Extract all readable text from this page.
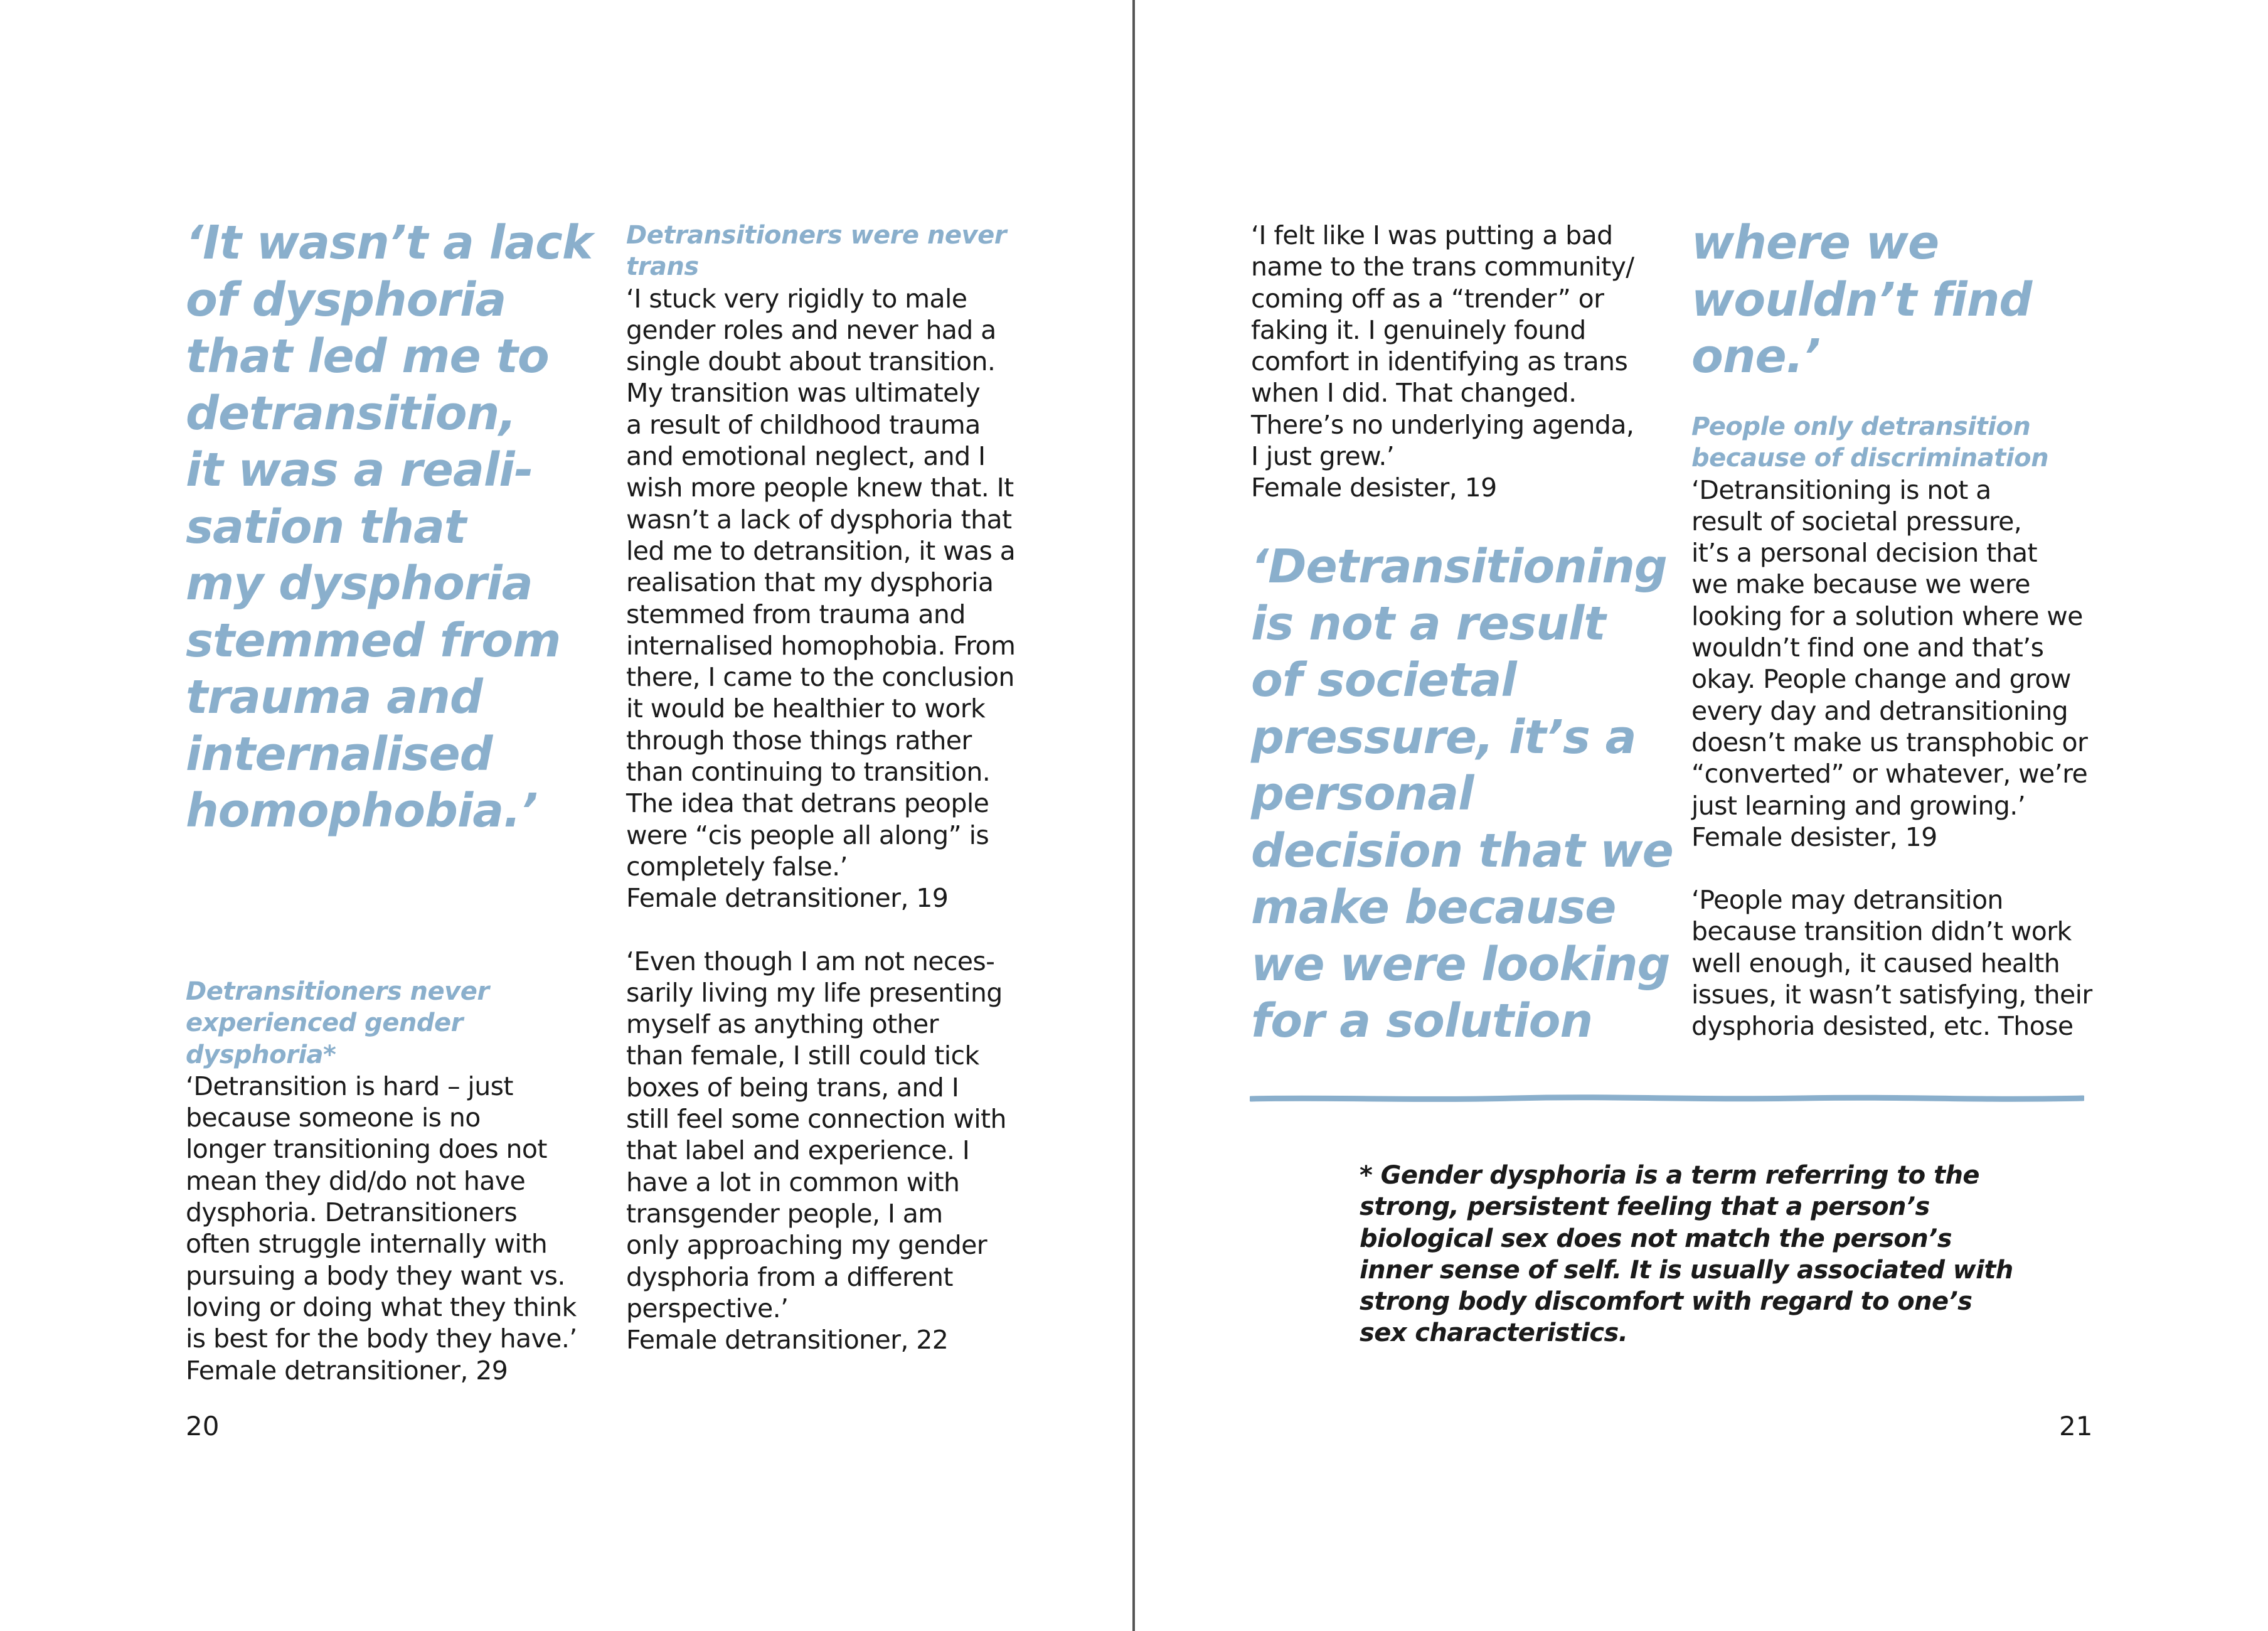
‘It wasn’t a lack
of dysphoria
that led me to
detransition,
it was a reali-
sation that
my dysphoria
stemmed from
trauma and
internalised
homophobia.’
Detransitioners never
experienced gender
dysphoria*
‘Detransition is hard – just
because someone is no
longer transitioning does not
mean they did/do not have
dysphoria. Detransitioners
often struggle internally with
pursuing a body they want vs.
loving or doing what they think
is best for the body they have.’
Female detransitioner, 29
Detransitioners were never
trans
‘I stuck very rigidly to male
gender roles and never had a
single doubt about transition.
My transition was ultimately
a result of childhood trauma
and emotional neglect, and I
wish more people knew that. It
wasn’t a lack of dysphoria that
led me to detransition, it was a
realisation that my dysphoria
stemmed from trauma and
internalised homophobia. From
there, I came to the conclusion
it would be healthier to work
through those things rather
than continuing to transition.
The idea that detrans people
were “cis people all along” is
completely false.’
Female detransitioner, 19
‘Even though I am not neces-
sarily living my life presenting
myself as anything other
than female, I still could tick
boxes of being trans, and I
still feel some connection with
that label and experience. I
have a lot in common with
transgender people, I am
only approaching my gender
dysphoria from a different
perspective.’
Female detransitioner, 22
20
‘I felt like I was putting a bad
name to the trans community/
coming off as a “trender” or
faking it. I genuinely found
comfort in identifying as trans
when I did. That changed.
There’s no underlying agenda,
I just grew.’
Female desister, 19
‘Detransitioning
is not a result
of societal
pressure, it’s a
personal
decision that we
make because
we were looking
for a solution
where we
wouldn’t find
one.’
People only detransition
because of discrimination
‘Detransitioning is not a
result of societal pressure,
it’s a personal decision that
we make because we were
looking for a solution where we
wouldn’t find one and that’s
okay. People change and grow
every day and detransitioning
doesn’t make us transphobic or
“converted” or whatever, we’re
just learning and growing.’
Female desister, 19
‘People may detransition
because transition didn’t work
well enough, it caused health
issues, it wasn’t satisfying, their
dysphoria desisted, etc. Those
* Gender dysphoria is a term referring to the
strong, persistent feeling that a person’s
biological sex does not match the person’s
inner sense of self. It is usually associated with
strong body discomfort with regard to one’s
sex characteristics.
21
